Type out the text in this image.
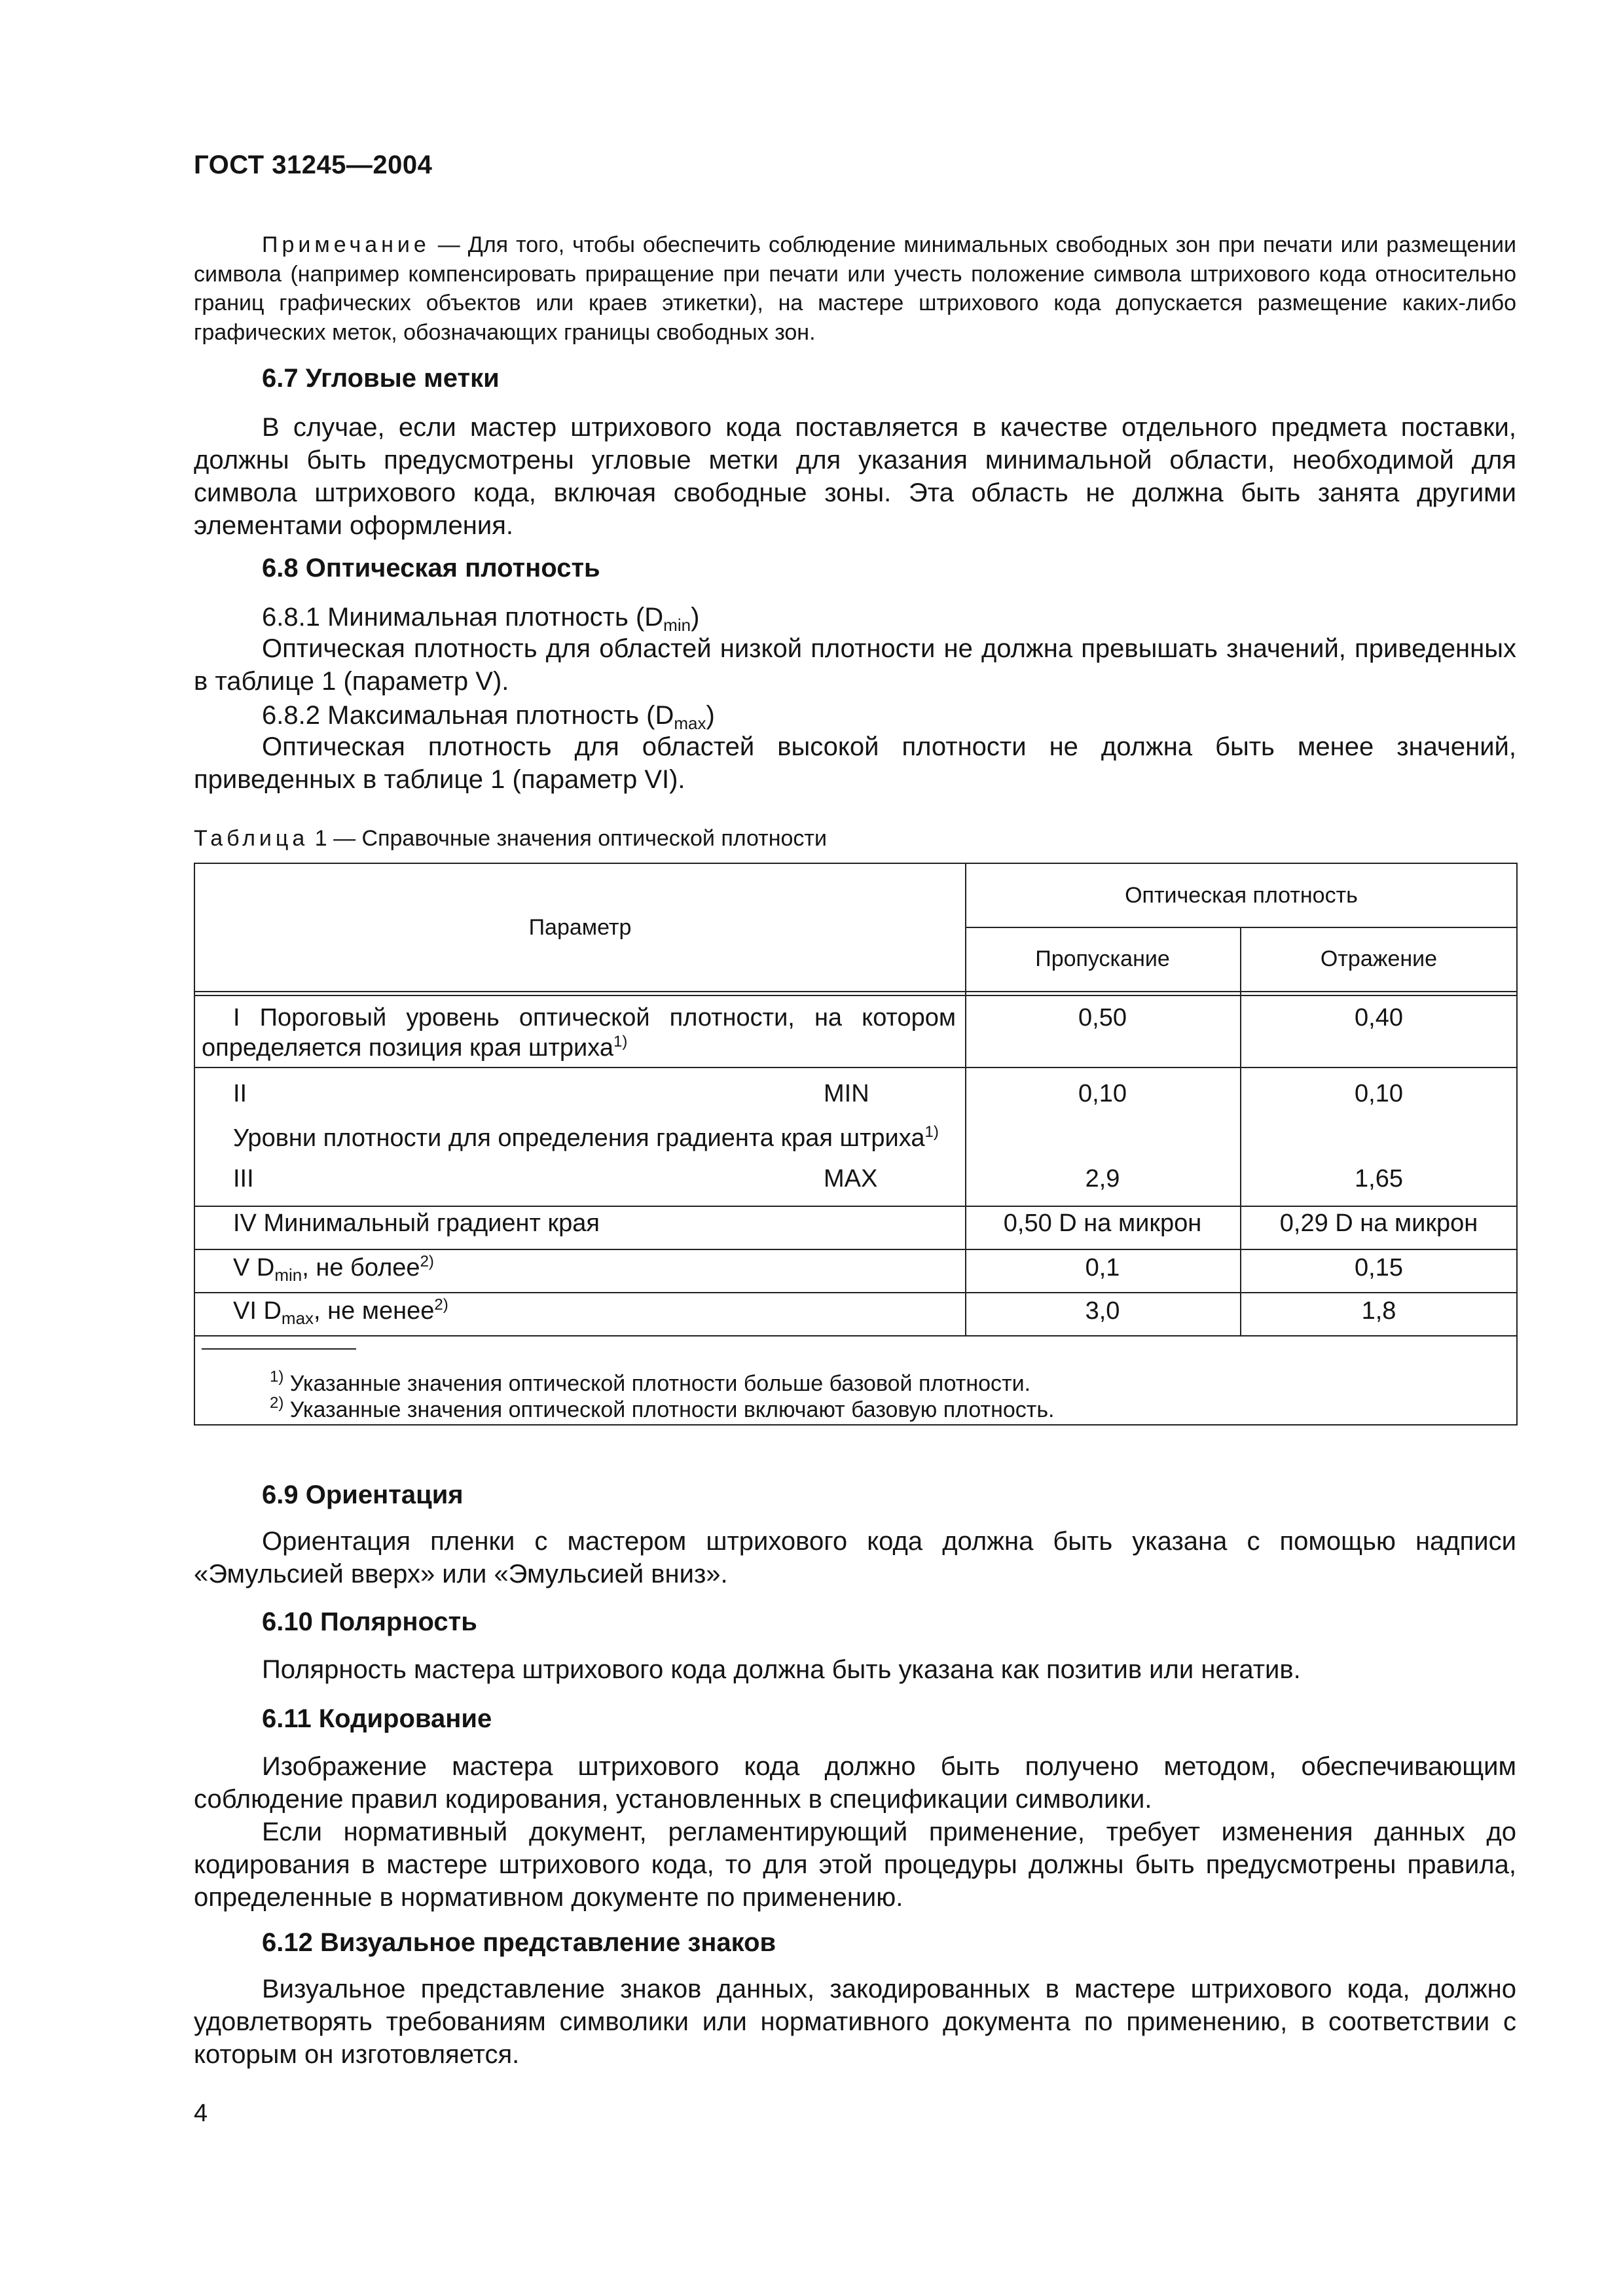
ГОСТ 31245—2004

Примечание — Для того, чтобы обеспечить соблюдение минимальных свободных зон при печати или размещении символа (например компенсировать приращение при печати или учесть положение символа штрихового кода относительно границ графических объектов или краев этикетки), на мастере штрихового кода допускается размещение каких-либо графических меток, обозначающих границы свободных зон.

6.7 Угловые метки

В случае, если мастер штрихового кода поставляется в качестве отдельного предмета поставки, должны быть предусмотрены угловые метки для указания минимальной области, необходимой для символа штрихового кода, включая свободные зоны. Эта область не должна быть занята другими элементами оформления.

6.8 Оптическая плотность

6.8.1 Минимальная плотность $(D_{min})$

Оптическая плотность для областей низкой плотности не должна превышать значений, приведенных в таблице 1 (параметр V).

6.8.2 Максимальная плотность $(D_{max})$

Оптическая плотность для областей высокой плотности не должна быть менее значений, приведенных в таблице 1 (параметр VI).

Таблица 1 — Справочные значения оптической плотности
Параметр
Оптическая плотность
Пропускание	Отражение
I Пороговый уровень оптической плотности, на котором
определяется позиция края штриха$^{1)}$
0,50	0,40
II	MIN	0,10	0,10
Уровни плотности для определения градиента края штриха$^{1)}$
III	MAX	2,9	1,65
IV Минимальный градиент края	0,50 D на микрон	0,29 D на микрон
V $D_{min}$, не более$^{2)}$	0,1	0,15
VI $D_{max}$, не менее$^{2)}$	3,0	1,8
$^{1)}$ Указанные значения оптической плотности больше базовой плотности.
$^{2)}$ Указанные значения оптической плотности включают базовую плотность.
6.9 Ориентация

Ориентация пленки с мастером штрихового кода должна быть указана с помощью надписи «Эмульсией вверх» или «Эмульсией вниз».

6.10 Полярность

Полярность мастера штрихового кода должна быть указана как позитив или негатив.

6.11 Кодирование

Изображение мастера штрихового кода должно быть получено методом, обеспечивающим соблюдение правил кодирования, установленных в спецификации символики.

Если нормативный документ, регламентирующий применение, требует изменения данных до кодирования в мастере штрихового кода, то для этой процедуры должны быть предусмотрены правила, определенные в нормативном документе по применению.

6.12 Визуальное представление знаков

Визуальное представление знаков данных, закодированных в мастере штрихового кода, должно удовлетворять требованиям символики или нормативного документа по применению, в соответствии с которым он изготовляется.

4
